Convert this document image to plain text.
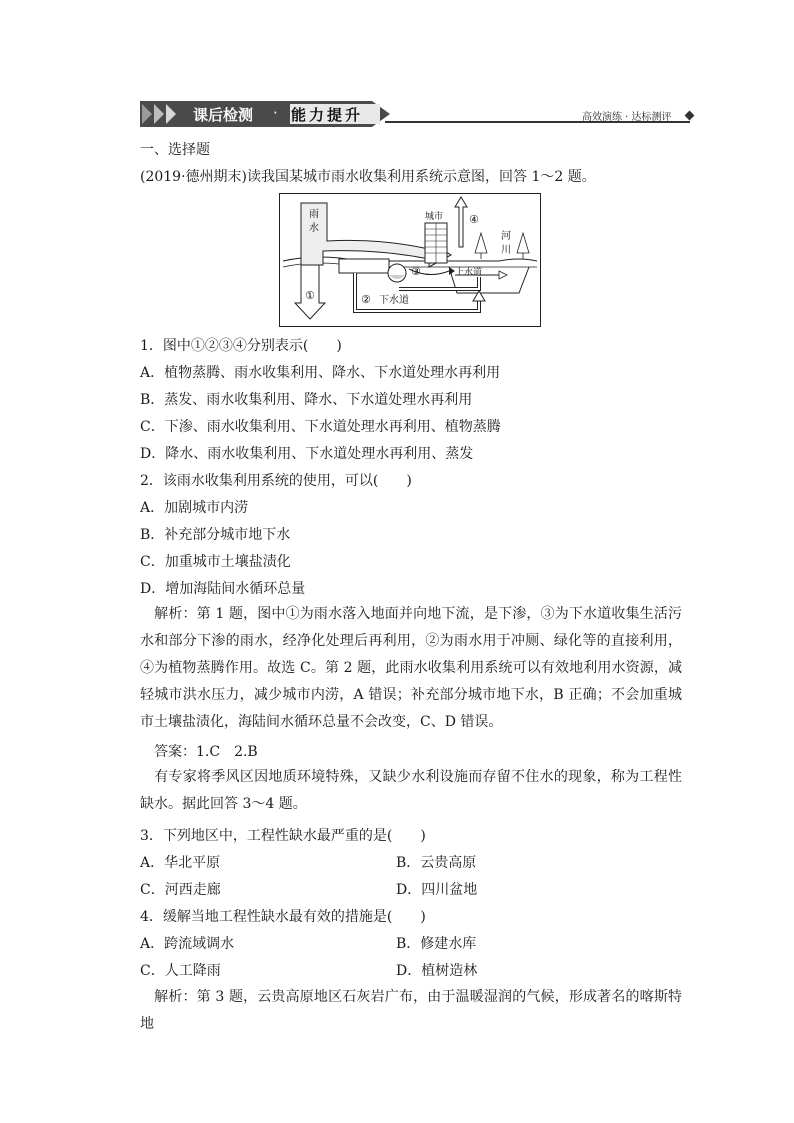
课后检测 · 能力提升	高效演练 · 达标测评
一、选择题
(2019·德州期末)读我国某城市雨水收集利用系统示意图，回答 1～2 题。
雨
水
城市
河
川
上水道
下水道
①	②
③
④
1．图中①②③④分别表示(　　)
A．植物蒸腾、雨水收集利用、降水、下水道处理水再利用
B．蒸发、雨水收集利用、降水、下水道处理水再利用
C．下渗、雨水收集利用、下水道处理水再利用、植物蒸腾
D．降水、雨水收集利用、下水道处理水再利用、蒸发
2．该雨水收集利用系统的使用，可以(　　)
A．加剧城市内涝
B．补充部分城市地下水
C．加重城市土壤盐渍化
D．增加海陆间水循环总量
解析：第 1 题，图中①为雨水落入地面并向地下流，是下渗，③为下水道收集生活污水和部分下渗的雨水，经净化处理后再利用，②为雨水用于冲厕、绿化等的直接利用，④为植物蒸腾作用。故选 C。第 2 题，此雨水收集利用系统可以有效地利用水资源，减轻城市洪水压力，减少城市内涝，A 错误；补充部分城市地下水，B 正确；不会加重城市土壤盐渍化，海陆间水循环总量不会改变，C、D 错误。
答案：1.C　2.B
有专家将季风区因地质环境特殊，又缺少水利设施而存留不住水的现象，称为工程性缺水。据此回答 3～4 题。
3．下列地区中，工程性缺水最严重的是(　　)
A．华北平原	B．云贵高原
C．河西走廊	D．四川盆地
4．缓解当地工程性缺水最有效的措施是(　　)
A．跨流域调水	B．修建水库
C．人工降雨	D．植树造林
解析：第 3 题，云贵高原地区石灰岩广布，由于温暖湿润的气候，形成著名的喀斯特地
